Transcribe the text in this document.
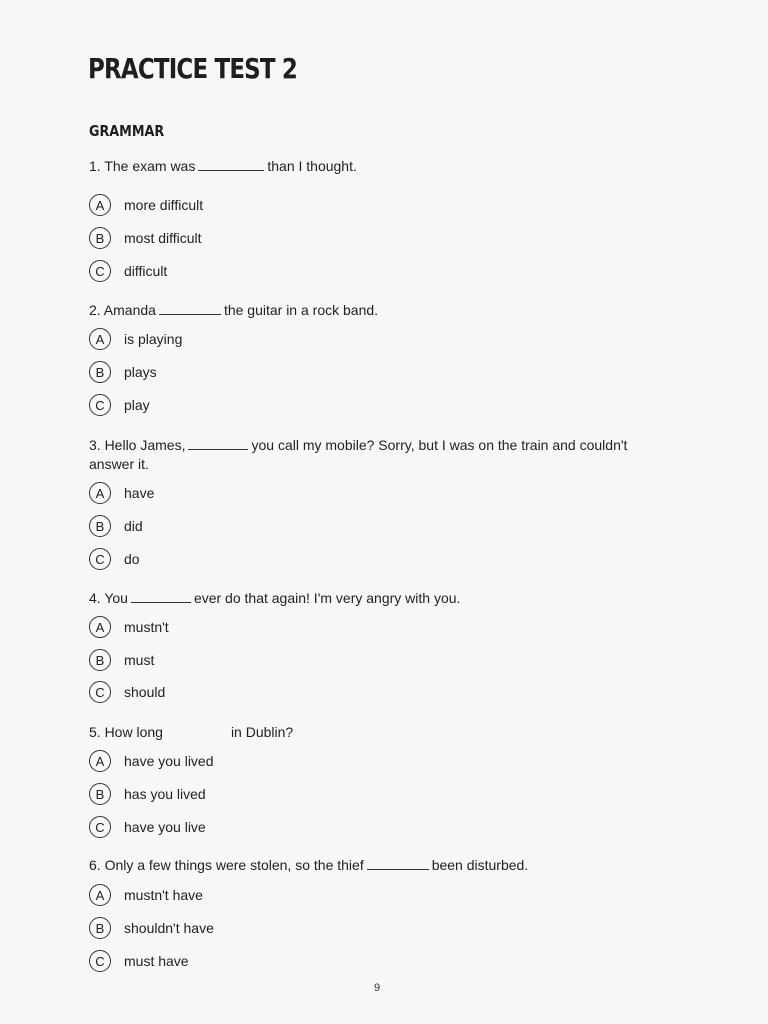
PRACTICE TEST 2
GRAMMAR
1. The exam was	than I thought.
A	more difficult
B	most difficult
C	difficult
2. Amanda	the guitar in a rock band.
A	is playing
B	plays
C	play
3. Hello James,	you call my mobile? Sorry, but I was on the train and couldn't answer it.
A	have
B	did
C	do
4. You	ever do that again! I'm very angry with you.
A	mustn't
B	must
C	should
5. How long	in Dublin?
A	have you lived
B	has you lived
C	have you live
6. Only a few things were stolen, so the thief	been disturbed.
A	mustn't have
B	shouldn't have
C	must have
9
